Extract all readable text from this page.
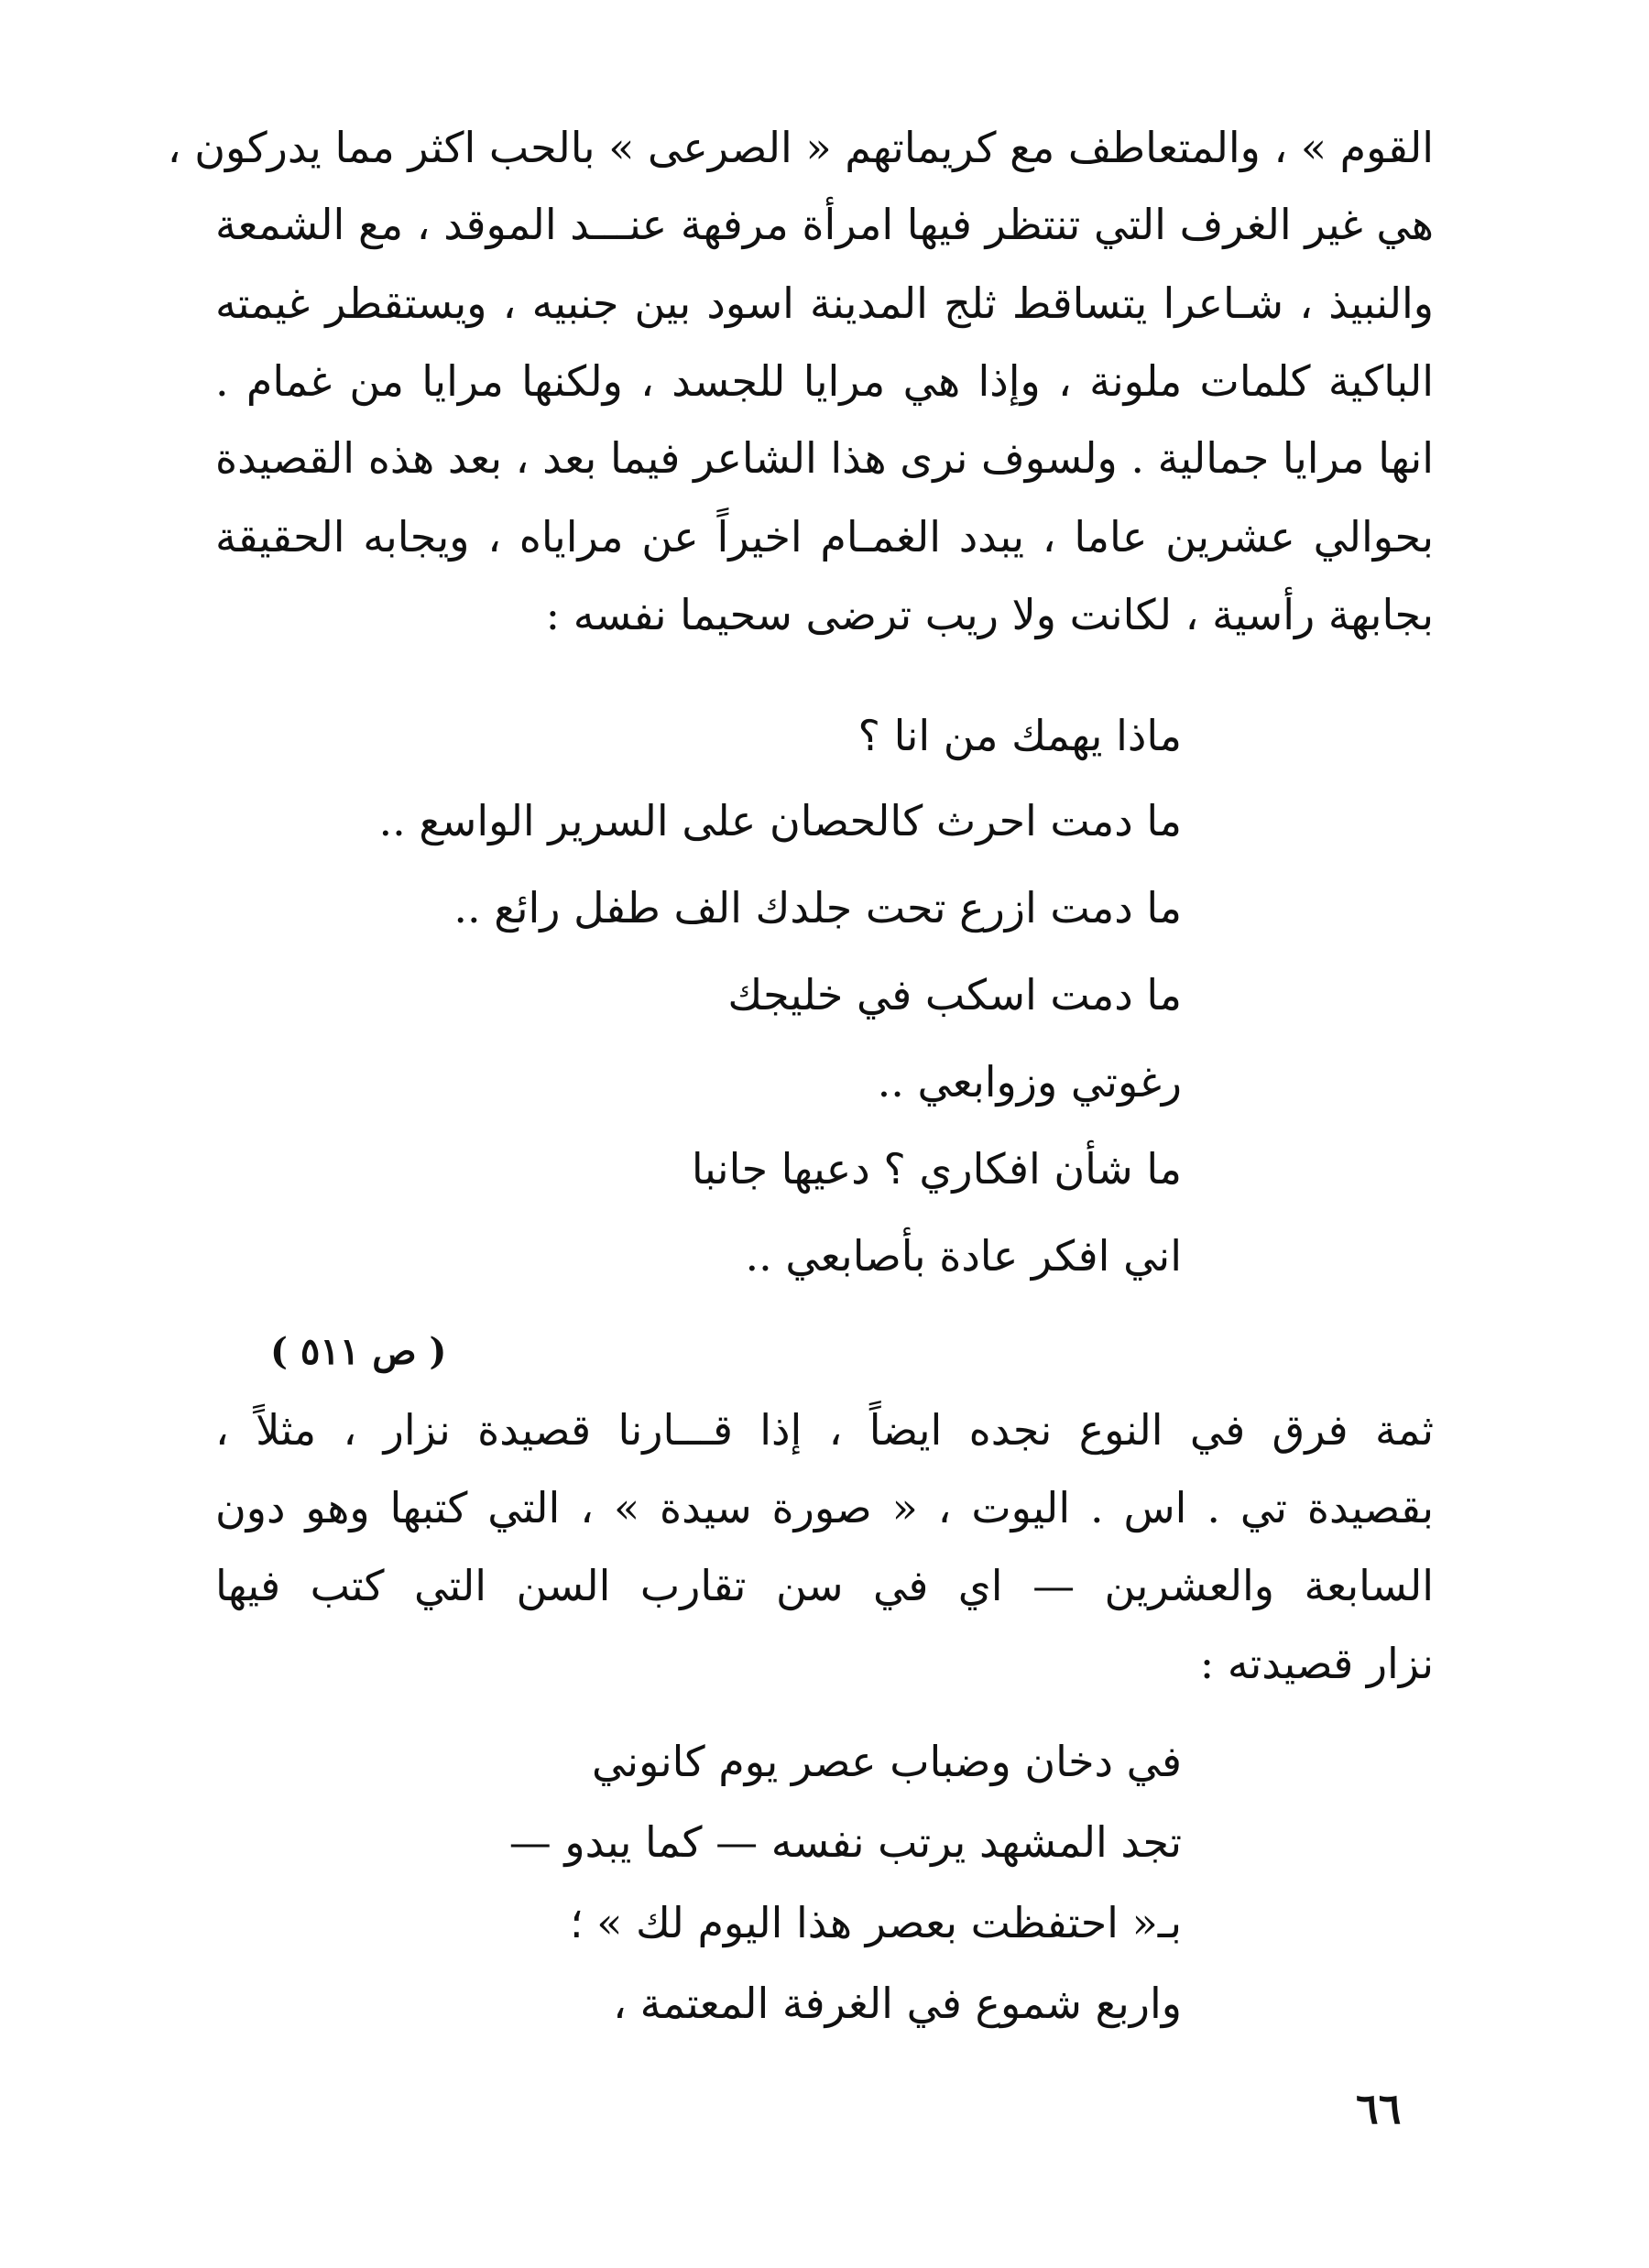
القوم » ، والمتعاطف مع كريماتهم « الصرعى » بالحب اكثر مما يدركون ،
هي غير الغرف التي تنتظر فيها امرأة مرفهة عنـــد الموقد ، مع الشمعة
والنبيذ ، شـاعرا يتساقط ثلج المدينة اسود بين جنبيه ، ويستقطر غيمته
الباكية كلمات ملونة ، وإذا هي مرايا للجسد ، ولكنها مرايا من غمام .
انها مرايا جمالية . ولسوف نرى هذا الشاعر فيما بعد ، بعد هذه القصيدة
بحوالي عشرين عاما ، يبدد الغمـام اخيراً عن مراياه ، ويجابه الحقيقة
بجابهة رأسية ، لكانت ولا ريب ترضى سحيما نفسه :
ماذا يهمك من انا ؟
ما دمت احرث كالحصان على السرير الواسع ..
ما دمت ازرع تحت جلدك الف طفل رائع ..
ما دمت اسكب في خليجك
رغوتي وزوابعي ..
ما شأن افكاري ؟ دعيها جانبا
اني افكر عادة بأصابعي ..
( ص ٥١١ )
ثمة فرق في النوع نجده ايضاً ، إذا قـــارنا قصيدة نزار ، مثلاً ،
بقصيدة تي . اس . اليوت ، « صورة سيدة » ، التي كتبها وهو دون
السابعة والعشرين — اي في سن تقارب السن التي كتب فيها
نزار قصيدته :
في دخان وضباب عصر يوم كانوني
تجد المشهد يرتب نفسه — كما يبدو —
بـ« احتفظت بعصر هذا اليوم لك » ؛
واربع شموع في الغرفة المعتمة ،
٦٦
